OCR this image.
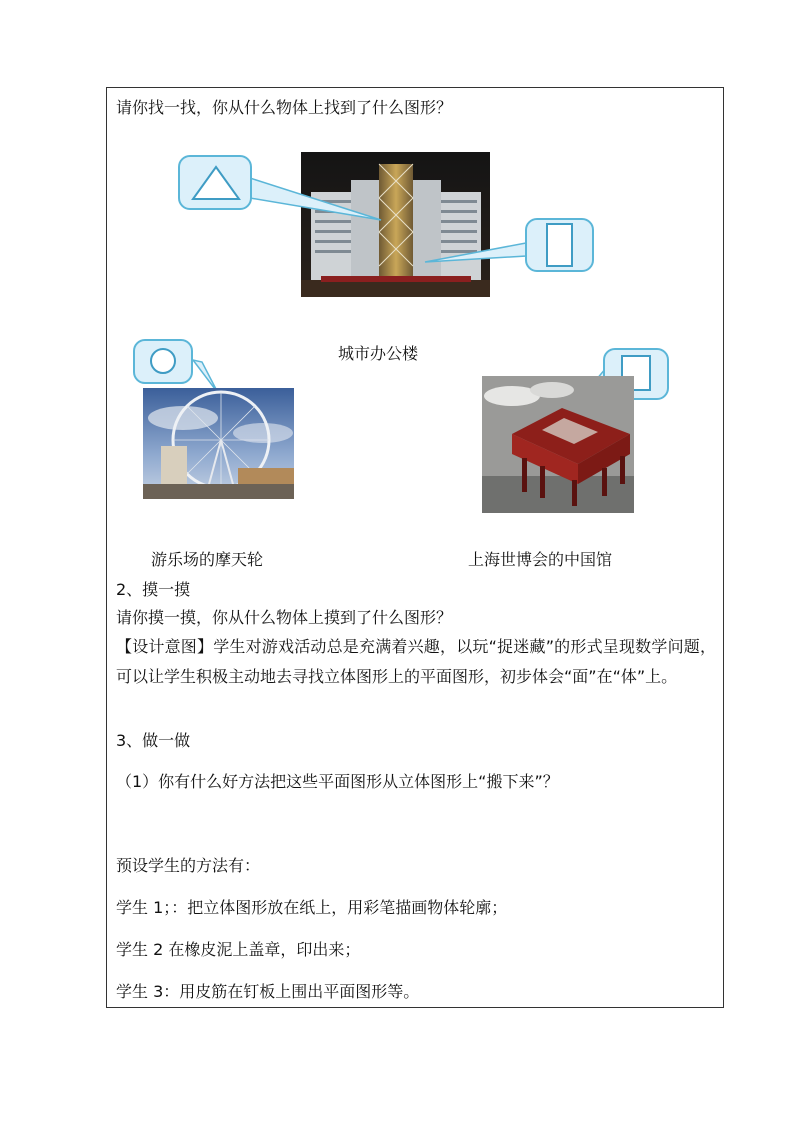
请你找一找，你从什么物体上找到了什么图形？
城市办公楼
游乐场的摩天轮	上海世博会的中国馆
2、摸一摸
请你摸一摸，你从什么物体上摸到了什么图形？
【设计意图】学生对游戏活动总是充满着兴趣，以玩“捉迷藏”的形式呈现数学问题，可以让学生积极主动地去寻找立体图形上的平面图形，初步体会“面”在“体”上。
3、做一做
（1）你有什么好方法把这些平面图形从立体图形上“搬下来”？
预设学生的方法有：
学生 1；：把立体图形放在纸上，用彩笔描画物体轮廓；
学生 2 在橡皮泥上盖章，印出来；
学生 3：用皮筋在钉板上围出平面图形等。
